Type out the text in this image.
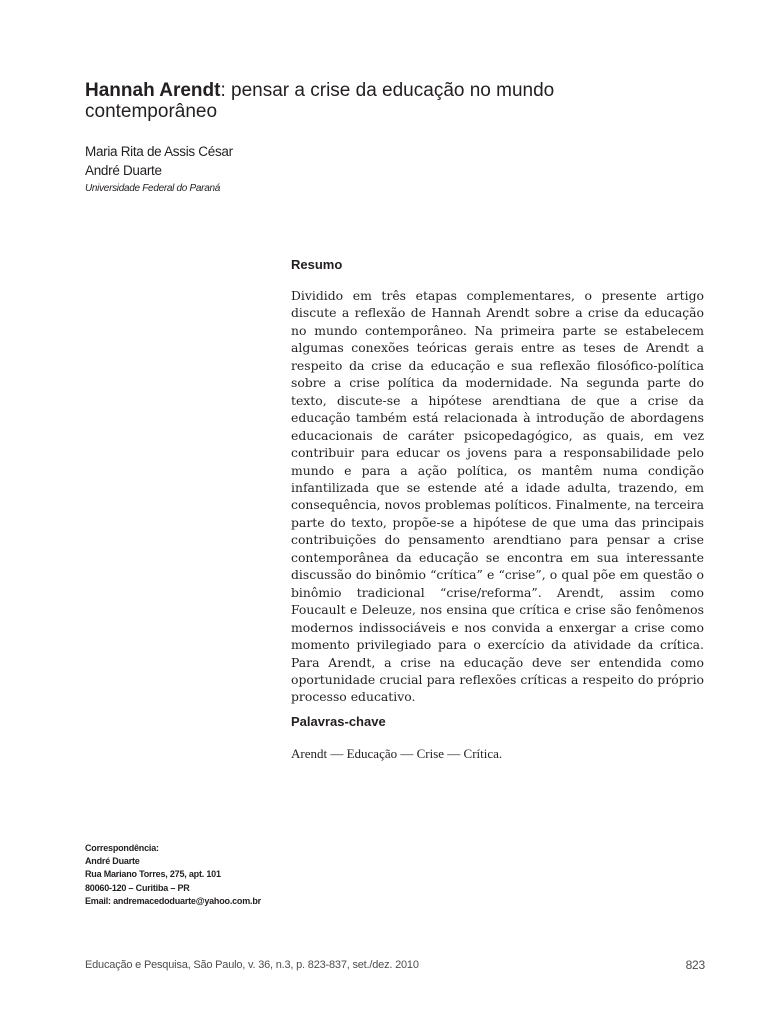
Hannah Arendt: pensar a crise da educação no mundo contemporâneo
Maria Rita de Assis César
André Duarte
Universidade Federal do Paraná
Resumo

Dividido em três etapas complementares, o presente artigo discute a reflexão de Hannah Arendt sobre a crise da educação no mundo contemporâneo. Na primeira parte se estabelecem algumas conexões teóricas gerais entre as teses de Arendt a respeito da crise da educação e sua reflexão filosófico-política sobre a crise política da modernidade. Na segunda parte do texto, discute-se a hipótese arendtiana de que a crise da educação também está relacionada à introdução de abordagens educacionais de caráter psicopedagógico, as quais, em vez contribuir para educar os jovens para a responsabilidade pelo mundo e para a ação política, os mantêm numa condição infantilizada que se estende até a idade adulta, trazendo, em consequência, novos problemas políticos. Finalmente, na terceira parte do texto, propõe-se a hipótese de que uma das principais contribuições do pensamento arendtiano para pensar a crise contemporânea da educação se encontra em sua interessante discussão do binômio “crítica” e “crise”, o qual põe em questão o binômio tradicional “crise/reforma”. Arendt, assim como Foucault e Deleuze, nos ensina que crítica e crise são fenômenos modernos indissociáveis e nos convida a enxergar a crise como momento privilegiado para o exercício da atividade da crítica. Para Arendt, a crise na educação deve ser entendida como oportunidade crucial para reflexões críticas a respeito do próprio processo educativo.

Palavras-chave

Arendt — Educação — Crise — Crítica.

Correspondência:
André Duarte
Rua Mariano Torres, 275, apt. 101
80060-120 – Curitiba – PR
Email: andremacedoduarte@yahoo.com.br
Educação e Pesquisa, São Paulo, v. 36, n.3, p. 823-837, set./dez. 2010	823
